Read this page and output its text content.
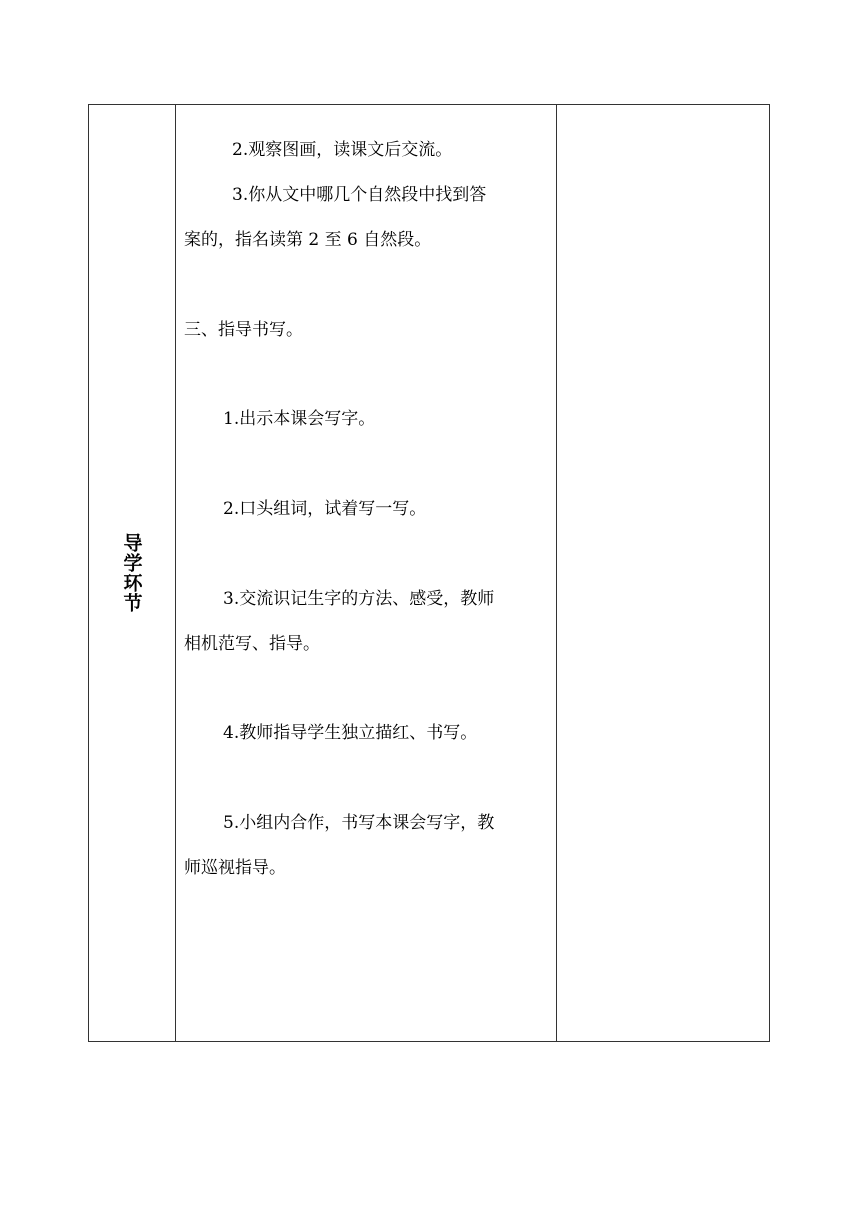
导学环节
2.观察图画，读课文后交流。
3.你从文中哪几个自然段中找到答
案的，指名读第 2 至 6 自然段。
三、指导书写。
1.出示本课会写字。
2.口头组词，试着写一写。
3.交流识记生字的方法、感受，教师
相机范写、指导。
4.教师指导学生独立描红、书写。
5.小组内合作，书写本课会写字，教
师巡视指导。
